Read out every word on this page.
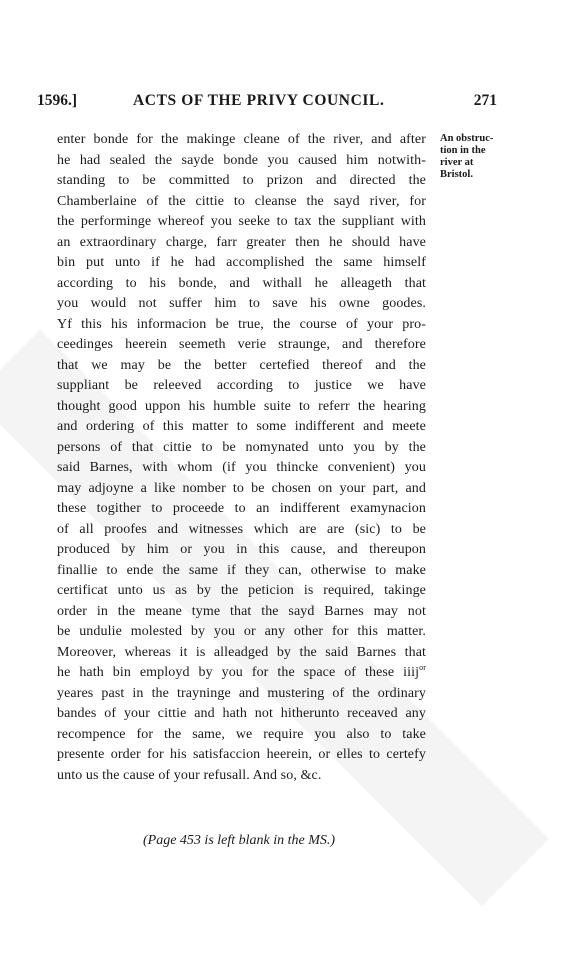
1596.]	ACTS OF THE PRIVY COUNCIL.	271
An obstruc-
tion in the
river at
Bristol.
enter bonde for the makinge cleane of the river, and after
he had sealed the sayde bonde you caused him notwith-
standing to be committed to prizon and directed the
Chamberlaine of the cittie to cleanse the sayd river, for
the performinge whereof you seeke to tax the suppliant with
an extraordinary charge, farr greater then he should have
bin put unto if he had accomplished the same himself
according to his bonde, and withall he alleageth that
you would not suffer him to save his owne goodes.
Yf this his informacion be true, the course of your pro-
ceedinges heerein seemeth verie straunge, and therefore
that we may be the better certefied thereof and the
suppliant be releeved according to justice we have
thought good uppon his humble suite to referr the hearing
and ordering of this matter to some indifferent and meete
persons of that cittie to be nomynated unto you by the
said Barnes, with whom (if you thincke convenient) you
may adjoyne a like nomber to be chosen on your part, and
these togither to proceede to an indifferent examynacion
of all proofes and witnesses which are are (sic) to be
produced by him or you in this cause, and thereupon
finallie to ende the same if they can, otherwise to make
certificat unto us as by the peticion is required, takinge
order in the meane tyme that the sayd Barnes may not
be undulie molested by you or any other for this matter.
Moreover, whereas it is alleadged by the said Barnes that
he hath bin employd by you for the space of these iiij$^{or}$
yeares past in the trayninge and mustering of the ordinary
bandes of your cittie and hath not hitherunto receaved any
recompence for the same, we require you also to take
presente order for his satisfaccion heerein, or elles to certefy
unto us the cause of your refusall. And so, &c.
(Page 453 is left blank in the MS.)
